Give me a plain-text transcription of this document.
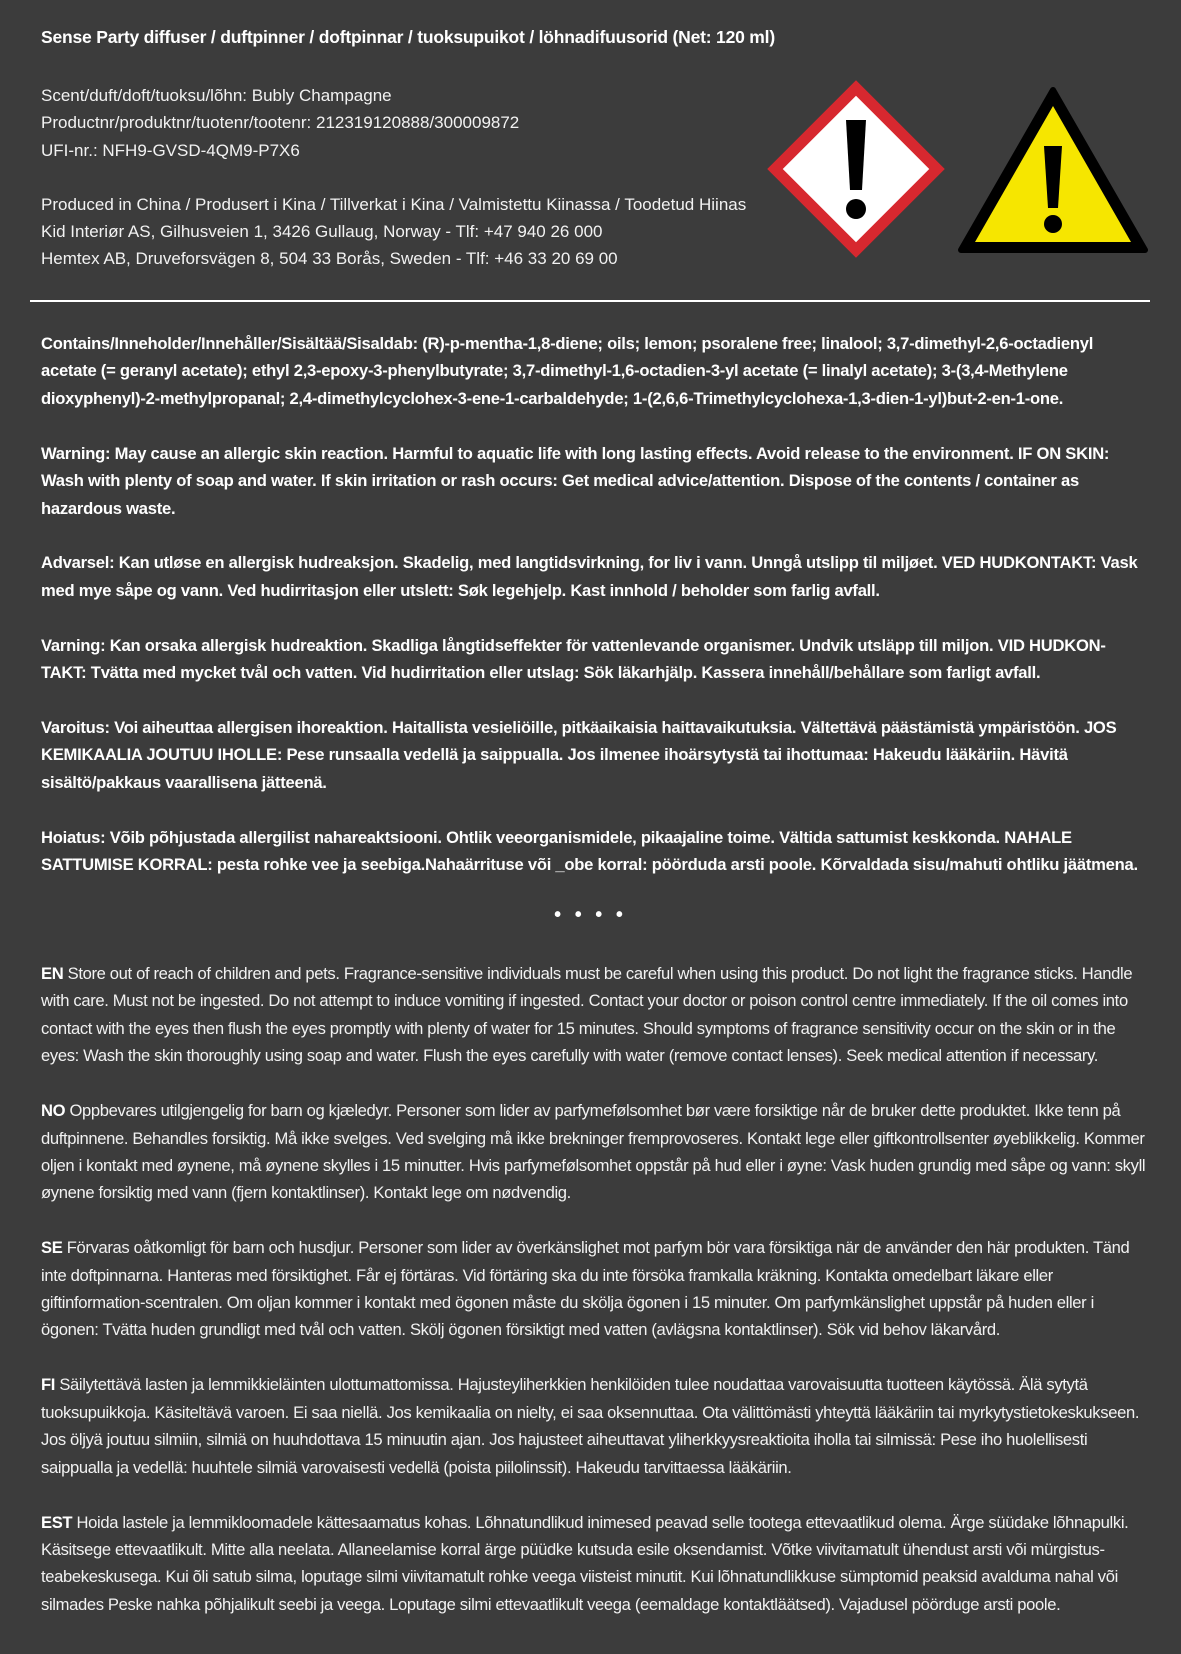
Sense Party diffuser / duftpinner / doftpinnar / tuoksupuikot / löhnadifuusorid (Net: 120 ml)
Scent/duft/doft/tuoksu/lõhn: Bubly Champagne
Productnr/produktnr/tuotenr/tootenr: 212319120888/300009872
UFI-nr.: NFH9-GVSD-4QM9-P7X6
Produced in China / Produsert i Kina / Tillverkat i Kina / Valmistettu Kiinassa / Toodetud Hiinas
Kid Interiør AS, Gilhusveien 1, 3426 Gullaug, Norway - Tlf: +47 940 26 000
Hemtex AB, Druveforsvägen 8, 504 33 Borås, Sweden - Tlf: +46 33 20 69 00

Contains/Inneholder/Innehåller/Sisältää/Sisaldab: (R)-p-mentha-1,8-diene; oils; lemon; psoralene free; linalool; 3,7-dimethyl-2,6-octadienyl acetate (= geranyl acetate); ethyl 2,3-epoxy-3-phenylbutyrate; 3,7-dimethyl-1,6-octadien-3-yl acetate (= linalyl acetate); 3-(3,4-Methylene dioxyphenyl)-2-methylpropanal; 2,4-dimethylcyclohex-3-ene-1-carbaldehyde; 1-(2,6,6-Trimethylcyclohexa-1,3-dien-1-yl)but-2-en-1-one.

Warning: May cause an allergic skin reaction. Harmful to aquatic life with long lasting effects. Avoid release to the environment. IF ON SKIN: Wash with plenty of soap and water. If skin irritation or rash occurs: Get medical advice/attention. Dispose of the contents / container as hazardous waste.

Advarsel: Kan utløse en allergisk hudreaksjon. Skadelig, med langtidsvirkning, for liv i vann. Unngå utslipp til miljøet. VED HUDKONTAKT: Vask med mye såpe og vann. Ved hudirritasjon eller utslett: Søk legehjelp. Kast innhold / beholder som farlig avfall.

Varning: Kan orsaka allergisk hudreaktion. Skadliga långtidseffekter för vattenlevande organismer. Undvik utsläpp till miljon. VID HUDKON-TAKT: Tvätta med mycket tvål och vatten. Vid hudirritation eller utslag: Sök läkarhjälp. Kassera innehåll/behållare som farligt avfall.

Varoitus: Voi aiheuttaa allergisen ihoreaktion. Haitallista vesieliöille, pitkäaikaisia haittavaikutuksia. Vältettävä päästämistä ympäristöön. JOS KEMIKAALIA JOUTUU IHOLLE: Pese runsaalla vedellä ja saippualla. Jos ilmenee ihoärsytystä tai ihottumaa: Hakeudu lääkäriin. Hävitä sisältö/pakkaus vaarallisena jätteenä.

Hoiatus: Võib põhjustada allergilist nahareaktsiooni. Ohtlik veeorganismidele, pikaajaline toime. Vältida sattumist keskkonda. NAHALE SATTUMISE KORRAL: pesta rohke vee ja seebiga.Nahaärrituse või _obe korral: pöörduda arsti poole. Kõrvaldada sisu/mahuti ohtliku jäätmena.

• • • •

EN Store out of reach of children and pets. Fragrance-sensitive individuals must be careful when using this product. Do not light the fragrance sticks. Handle with care. Must not be ingested. Do not attempt to induce vomiting if ingested. Contact your doctor or poison control centre immediately. If the oil comes into contact with the eyes then flush the eyes promptly with plenty of water for 15 minutes. Should symptoms of fragrance sensitivity occur on the skin or in the eyes: Wash the skin thoroughly using soap and water. Flush the eyes carefully with water (remove contact lenses). Seek medical attention if necessary.

NO Oppbevares utilgjengelig for barn og kjæledyr. Personer som lider av parfymefølsomhet bør være forsiktige når de bruker dette produktet. Ikke tenn på duftpinnene. Behandles forsiktig. Må ikke svelges. Ved svelging må ikke brekninger fremprovoseres. Kontakt lege eller giftkontrollsenter øyeblikkelig. Kommer oljen i kontakt med øynene, må øynene skylles i 15 minutter. Hvis parfymefølsomhet oppstår på hud eller i øyne: Vask huden grundig med såpe og vann: skyll øynene forsiktig med vann (fjern kontaktlinser). Kontakt lege om nødvendig.

SE Förvaras oåtkomligt för barn och husdjur. Personer som lider av överkänslighet mot parfym bör vara försiktiga när de använder den här produkten. Tänd inte doftpinnarna. Hanteras med försiktighet. Får ej förtäras. Vid förtäring ska du inte försöka framkalla kräkning. Kontakta omedelbart läkare eller giftinformation-scentralen. Om oljan kommer i kontakt med ögonen måste du skölja ögonen i 15 minuter. Om parfymkänslighet uppstår på huden eller i ögonen: Tvätta huden grundligt med tvål och vatten. Skölj ögonen försiktigt med vatten (avlägsna kontaktlinser). Sök vid behov läkarvård.

FI Säilytettävä lasten ja lemmikkieläinten ulottumattomissa. Hajusteyliherkkien henkilöiden tulee noudattaa varovaisuutta tuotteen käytössä. Älä sytytä tuoksupuikkoja. Käsiteltävä varoen. Ei saa niellä. Jos kemikaalia on nielty, ei saa oksennuttaa. Ota välittömästi yhteyttä lääkäriin tai myrkytystietokeskukseen. Jos öljyä joutuu silmiin, silmiä on huuhdottava 15 minuutin ajan. Jos hajusteet aiheuttavat yliherkkyysreaktioita iholla tai silmissä: Pese iho huolellisesti saippualla ja vedellä: huuhtele silmiä varovaisesti vedellä (poista piilolinssit). Hakeudu tarvittaessa lääkäriin.

EST Hoida lastele ja lemmikloomadele kättesaamatus kohas. Lõhnatundlikud inimesed peavad selle tootega ettevaatlikud olema. Ärge süüdake lõhnapulki. Käsitsege ettevaatlikult. Mitte alla neelata. Allaneelamise korral ärge püüdke kutsuda esile oksendamist. Võtke viivitamatult ühendust arsti või mürgistus-teabekeskusega. Kui õli satub silma, loputage silmi viivitamatult rohke veega viisteist minutit. Kui lõhnatundlikkuse sümptomid peaksid avalduma nahal või silmades Peske nahka põhjalikult seebi ja veega. Loputage silmi ettevaatlikult veega (eemaldage kontaktläätsed). Vajadusel pöörduge arsti poole.
